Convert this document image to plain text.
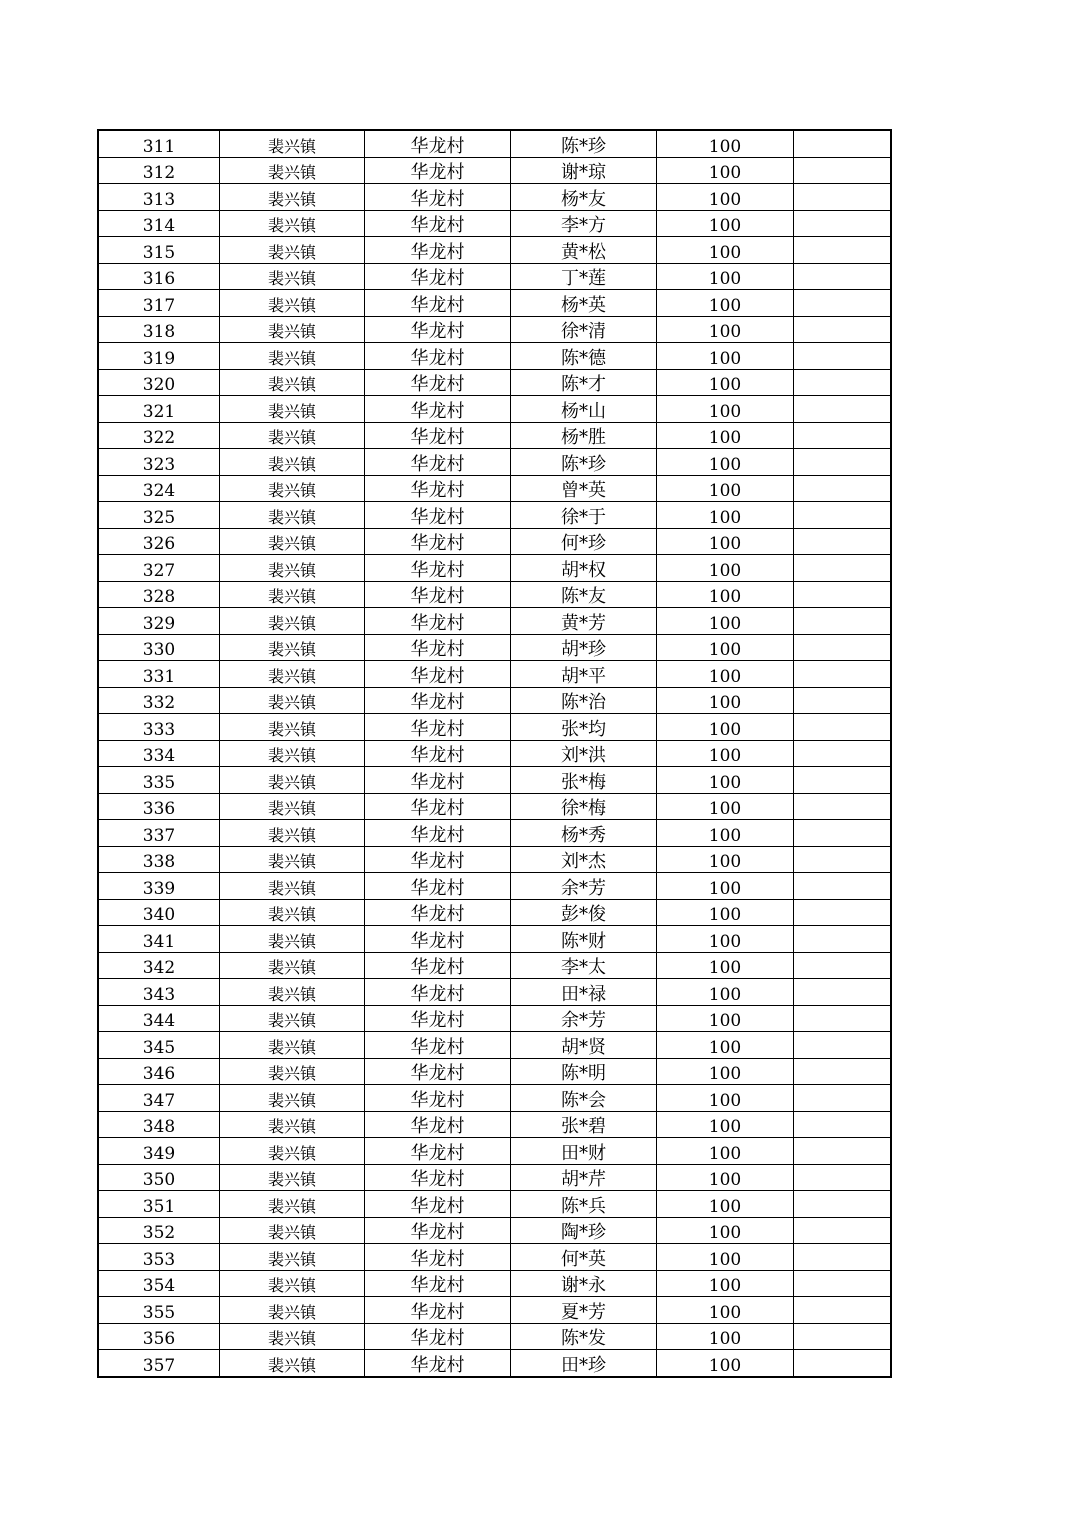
311	裴兴镇	华龙村	陈*珍	100	
312	裴兴镇	华龙村	谢*琼	100	
313	裴兴镇	华龙村	杨*友	100	
314	裴兴镇	华龙村	李*方	100	
315	裴兴镇	华龙村	黄*松	100	
316	裴兴镇	华龙村	丁*莲	100	
317	裴兴镇	华龙村	杨*英	100	
318	裴兴镇	华龙村	徐*清	100	
319	裴兴镇	华龙村	陈*德	100	
320	裴兴镇	华龙村	陈*才	100	
321	裴兴镇	华龙村	杨*山	100	
322	裴兴镇	华龙村	杨*胜	100	
323	裴兴镇	华龙村	陈*珍	100	
324	裴兴镇	华龙村	曾*英	100	
325	裴兴镇	华龙村	徐*于	100	
326	裴兴镇	华龙村	何*珍	100	
327	裴兴镇	华龙村	胡*权	100	
328	裴兴镇	华龙村	陈*友	100	
329	裴兴镇	华龙村	黄*芳	100	
330	裴兴镇	华龙村	胡*珍	100	
331	裴兴镇	华龙村	胡*平	100	
332	裴兴镇	华龙村	陈*治	100	
333	裴兴镇	华龙村	张*均	100	
334	裴兴镇	华龙村	刘*洪	100	
335	裴兴镇	华龙村	张*梅	100	
336	裴兴镇	华龙村	徐*梅	100	
337	裴兴镇	华龙村	杨*秀	100	
338	裴兴镇	华龙村	刘*杰	100	
339	裴兴镇	华龙村	余*芳	100	
340	裴兴镇	华龙村	彭*俊	100	
341	裴兴镇	华龙村	陈*财	100	
342	裴兴镇	华龙村	李*太	100	
343	裴兴镇	华龙村	田*禄	100	
344	裴兴镇	华龙村	余*芳	100	
345	裴兴镇	华龙村	胡*贤	100	
346	裴兴镇	华龙村	陈*明	100	
347	裴兴镇	华龙村	陈*会	100	
348	裴兴镇	华龙村	张*碧	100	
349	裴兴镇	华龙村	田*财	100	
350	裴兴镇	华龙村	胡*芹	100	
351	裴兴镇	华龙村	陈*兵	100	
352	裴兴镇	华龙村	陶*珍	100	
353	裴兴镇	华龙村	何*英	100	
354	裴兴镇	华龙村	谢*永	100	
355	裴兴镇	华龙村	夏*芳	100	
356	裴兴镇	华龙村	陈*发	100	
357	裴兴镇	华龙村	田*珍	100	
